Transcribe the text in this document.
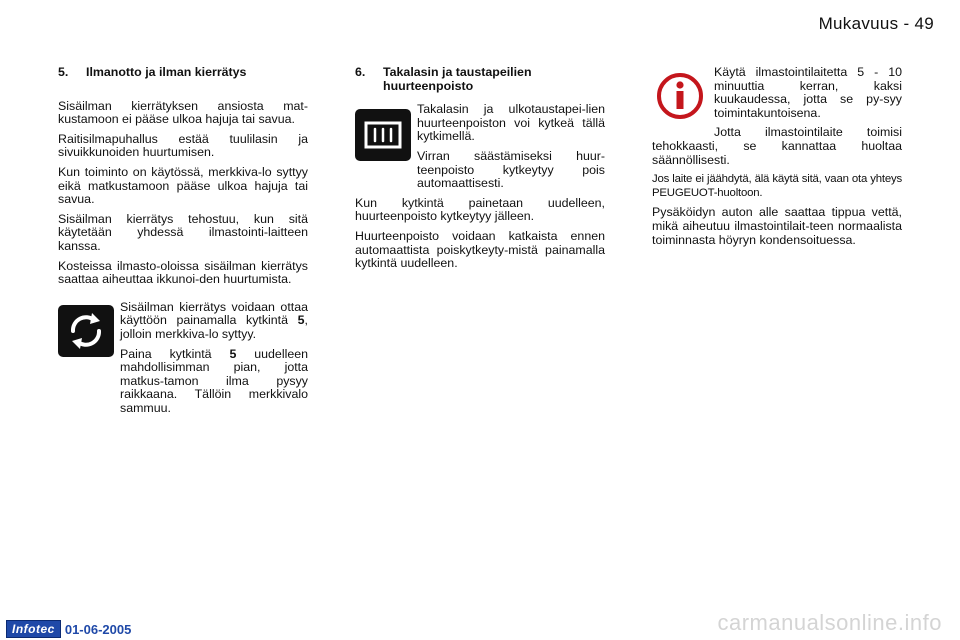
Mukavuus - 49
5.	Ilmanotto ja ilman kierrätys

Sisäilman kierrätyksen ansiosta mat-kustamoon ei pääse ulkoa hajuja tai savua.

Raitisilmapuhallus estää tuulilasin ja sivuikkunoiden huurtumisen.

Kun toiminto on käytössä, merkkiva-lo syttyy eikä matkustamoon pääse ulkoa hajuja tai savua.

Sisäilman kierrätys tehostuu, kun sitä käytetään yhdessä ilmastointi-laitteen kanssa.

Kosteissa ilmasto-oloissa sisäilman kierrätys saattaa aiheuttaa ikkunoi-den huurtumista.

Sisäilman kierrätys voidaan ottaa käyttöön painamalla kytkintä 5, jolloin merkkiva-lo syttyy.

Paina kytkintä 5 uudelleen mahdollisimman pian, jotta matkus-tamon ilma pysyy raikkaana. Tällöin merkkivalo sammuu.

6.	Takalasin ja taustapeilien huurteenpoisto

Takalasin ja ulkotaustapei-lien huurteenpoiston voi kytkeä tällä kytkimellä.

Virran säästämiseksi huur-teenpoisto kytkeytyy pois automaattisesti.

Kun kytkintä painetaan uudelleen, huurteenpoisto kytkeytyy jälleen.

Huurteenpoisto voidaan katkaista ennen automaattista poiskytkeyty-mistä painamalla kytkintä uudelleen.

Käytä ilmastointilaitetta 5 - 10 minuuttia kerran, kaksi kuukaudessa, jotta se py-syy toimintakuntoisena.

Jotta ilmastointilaite toimisi tehokkaasti, se kannattaa huoltaa säännöllisesti.

Jos laite ei jäähdytä, älä käytä sitä, vaan ota yhteys PEUGEUOT-huoltoon.

Pysäköidyn auton alle saattaa tippua vettä, mikä aiheutuu ilmastointilait-teen normaalista toiminnasta höyryn kondensoituessa.

Infotec 01-06-2005	carmanualsonline.info
